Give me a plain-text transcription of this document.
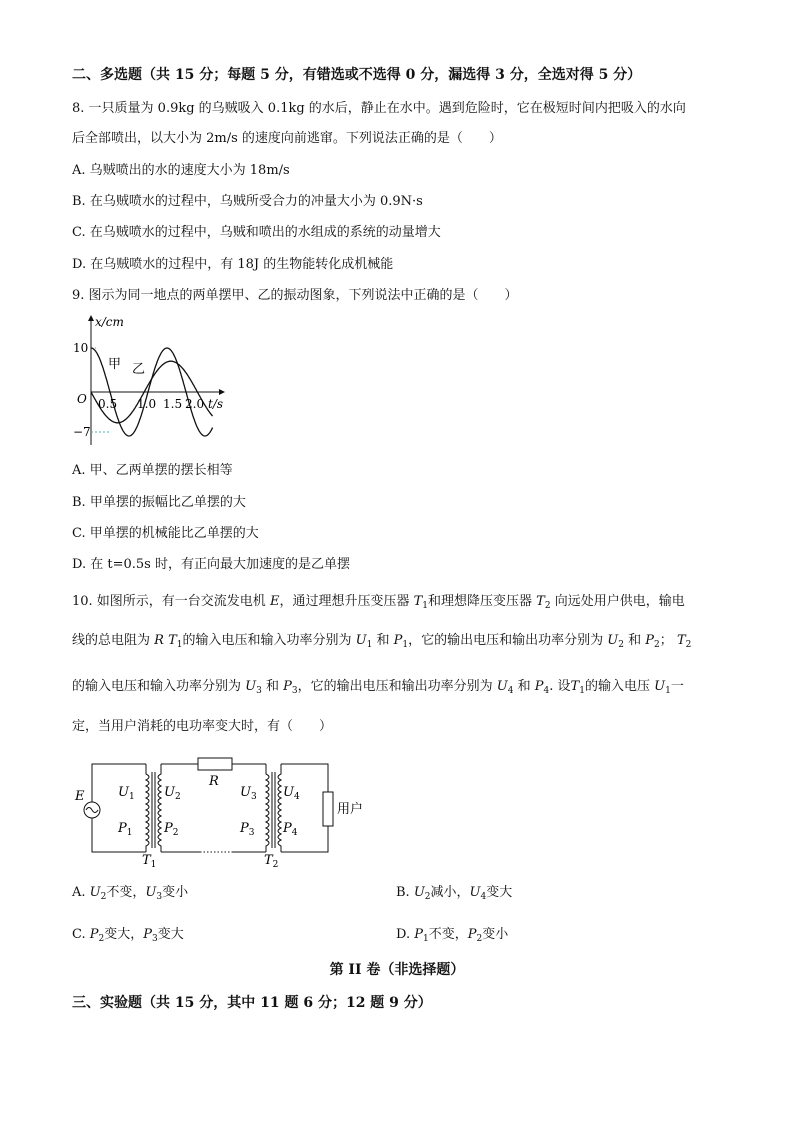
二、多选题（共 15 分；每题 5 分，有错选或不选得 0 分，漏选得 3 分，全选对得 5 分）
8. 一只质量为 0.9kg 的乌贼吸入 0.1kg 的水后，静止在水中。遇到危险时，它在极短时间内把吸入的水向
后全部喷出，以大小为 2m/s 的速度向前逃窜。下列说法正确的是（　　）
A. 乌贼喷出的水的速度大小为 18m/s
B. 在乌贼喷水的过程中，乌贼所受合力的冲量大小为 0.9N·s
C. 在乌贼喷水的过程中，乌贼和喷出的水组成的系统的动量增大
D. 在乌贼喷水的过程中，有 18J 的生物能转化成机械能
9. 图示为同一地点的两单摆甲、乙的振动图象，下列说法中正确的是（　　）
x/cm
t/s
O
10
−7
0.5 1.0 1.5 2.0
甲 乙
A. 甲、乙两单摆的摆长相等
B. 甲单摆的振幅比乙单摆的大
C. 甲单摆的机械能比乙单摆的大
D. 在 t=0.5s 时，有正向最大加速度的是乙单摆
10. 如图所示，有一台交流发电机 E，通过理想升压变压器 $T_1$和理想降压变压器 $T_2$ 向远处用户供电，输电
线的总电阻为 R $T_1$的输入电压和输入功率分别为 $U_1$ 和 $P_1$，它的输出电压和输出功率分别为 $U_2$ 和 $P_2$； $T_2$
的输入电压和输入功率分别为 $U_3$ 和 $P_3$，它的输出电压和输出功率分别为 $U_4$ 和 $P_4$. 设$T_1$的输入电压 $U_1$一
定，当用户消耗的电功率变大时，有（　　）
E
R
用户
$U_1$
$P_1$
$U_2$
$P_2$
$U_3$
$P_3$
$U_4$
$P_4$
$T_1$	$T_2$
A. $U_2$不变，$U_3$变小	B. $U_2$减小，$U_4$变大
C. $P_2$变大，$P_3$变大	D. $P_1$不变，$P_2$变小
第 II 卷（非选择题）
三、实验题（共 15 分，其中 11 题 6 分；12 题 9 分）
